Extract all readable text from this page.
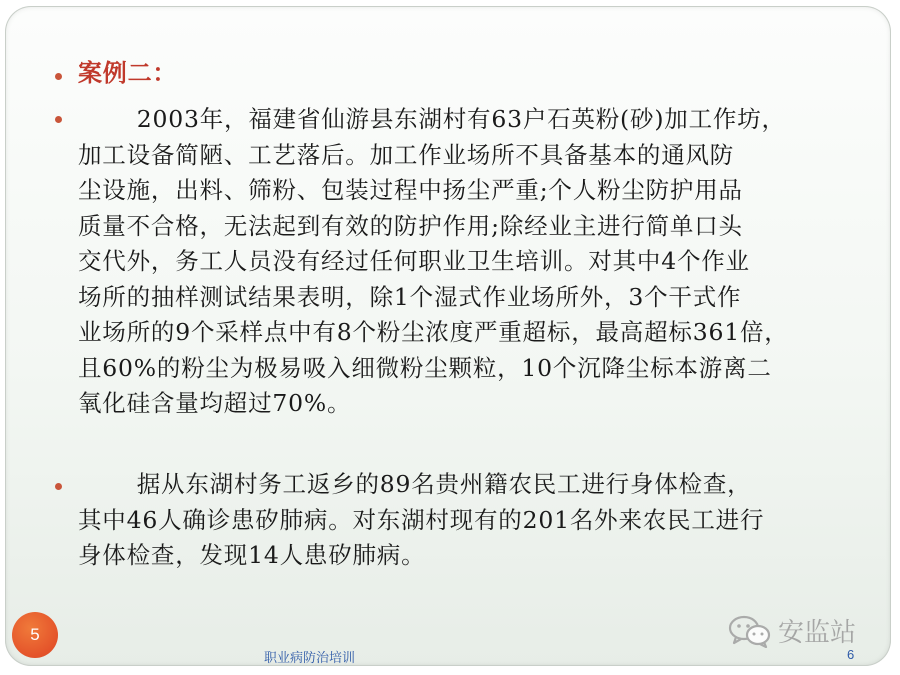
案例二：
2003年，福建省仙游县东湖村有63户石英粉(砂)加工作坊，
加工设备简陋、工艺落后。加工作业场所不具备基本的通风防
尘设施，出料、筛粉、包装过程中扬尘严重;个人粉尘防护用品
质量不合格，无法起到有效的防护作用;除经业主进行简单口头
交代外，务工人员没有经过任何职业卫生培训。对其中4个作业
场所的抽样测试结果表明，除1个湿式作业场所外，3个干式作
业场所的9个采样点中有8个粉尘浓度严重超标，最高超标361倍，
且60%的粉尘为极易吸入细微粉尘颗粒，10个沉降尘标本游离二
氧化硅含量均超过70%。
据从东湖村务工返乡的89名贵州籍农民工进行身体检查，
其中46人确诊患矽肺病。对东湖村现有的201名外来农民工进行
身体检查，发现14人患矽肺病。
5	安监站
职业病防治培训	6
